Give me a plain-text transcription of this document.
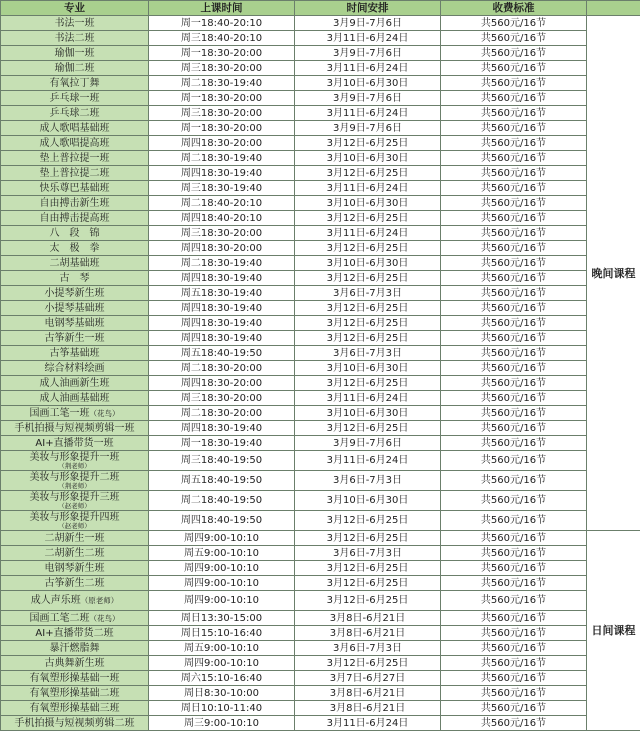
专业	上课时间	时间安排	收费标准	
书法一班	周一18:40-20:10	3月9日-7月6日	共560元/16节	晚间课程
书法二班	周三18:40-20:10	3月11日-6月24日	共560元/16节	
瑜伽一班	周一18:30-20:00	3月9日-7月6日	共560元/16节	
瑜伽二班	周三18:30-20:00	3月11日-6月24日	共560元/16节	
有氧拉丁舞	周二18:30-19:40	3月10日-6月30日	共560元/16节	
乒乓球一班	周一18:30-20:00	3月9日-7月6日	共560元/16节	
乒乓球二班	周三18:30-20:00	3月11日-6月24日	共560元/16节	
成人歌唱基础班	周一18:30-20:00	3月9日-7月6日	共560元/16节	
成人歌唱提高班	周四18:30-20:00	3月12日-6月25日	共560元/16节	
垫上普拉提一班	周二18:30-19:40	3月10日-6月30日	共560元/16节	
垫上普拉提二班	周四18:30-19:40	3月12日-6月25日	共560元/16节	
快乐尊巴基础班	周三18:30-19:40	3月11日-6月24日	共560元/16节	
自由搏击新生班	周二18:40-20:10	3月10日-6月30日	共560元/16节	
自由搏击提高班	周四18:40-20:10	3月12日-6月25日	共560元/16节	
八　段　锦	周三18:30-20:00	3月11日-6月24日	共560元/16节	
太　极　拳	周四18:30-20:00	3月12日-6月25日	共560元/16节	
二胡基础班	周二18:30-19:40	3月10日-6月30日	共560元/16节	
古　琴	周四18:30-19:40	3月12日-6月25日	共560元/16节	
小提琴新生班	周五18:30-19:40	3月6日-7月3日	共560元/16节	
小提琴基础班	周四18:30-19:40	3月12日-6月25日	共560元/16节	
电钢琴基础班	周四18:30-19:40	3月12日-6月25日	共560元/16节	
古筝新生一班	周四18:30-19:40	3月12日-6月25日	共560元/16节	
古筝基础班	周五18:40-19:50	3月6日-7月3日	共560元/16节	
综合材料绘画	周二18:30-20:00	3月10日-6月30日	共560元/16节	
成人油画新生班	周四18:30-20:00	3月12日-6月25日	共560元/16节	
成人油画基础班	周三18:30-20:00	3月11日-6月24日	共560元/16节	
国画工笔一班（花鸟）	周二18:30-20:00	3月10日-6月30日	共560元/16节	
手机拍摄与短视频剪辑一班	周四18:30-19:40	3月12日-6月25日	共560元/16节	
AI+直播带货一班	周一18:30-19:40	3月9日-7月6日	共560元/16节	
美妆与形象提升一班
（荆老师）	周三18:40-19:50	3月11日-6月24日	共560元/16节	
美妆与形象提升二班
（荆老师）	周五18:40-19:50	3月6日-7月3日	共560元/16节	
美妆与形象提升三班
（赵老师）	周二18:40-19:50	3月10日-6月30日	共560元/16节	
美妆与形象提升四班
（赵老师）	周四18:40-19:50	3月12日-6月25日	共560元/16节	
二胡新生一班	周四9:00-10:10	3月12日-6月25日	共560元/16节	日间课程
二胡新生二班	周五9:00-10:10	3月6日-7月3日	共560元/16节	
电钢琴新生班	周四9:00-10:10	3月12日-6月25日	共560元/16节	
古筝新生二班	周四9:00-10:10	3月12日-6月25日	共560元/16节	
成人声乐班（原老师）	周四9:00-10:10	3月12日-6月25日	共560元/16节	
国画工笔二班（花鸟）	周日13:30-15:00	3月8日-6月21日	共560元/16节	
AI+直播带货二班	周日15:10-16:40	3月8日-6月21日	共560元/16节	
暴汗燃脂舞	周五9:00-10:10	3月6日-7月3日	共560元/16节	
古典舞新生班	周四9:00-10:10	3月12日-6月25日	共560元/16节	
有氧塑形操基础一班	周六15:10-16:40	3月7日-6月27日	共560元/16节	
有氧塑形操基础二班	周日8:30-10:00	3月8日-6月21日	共560元/16节	
有氧塑形操基础三班	周日10:10-11:40	3月8日-6月21日	共560元/16节	
手机拍摄与短视频剪辑二班	周三9:00-10:10	3月11日-6月24日	共560元/16节	
